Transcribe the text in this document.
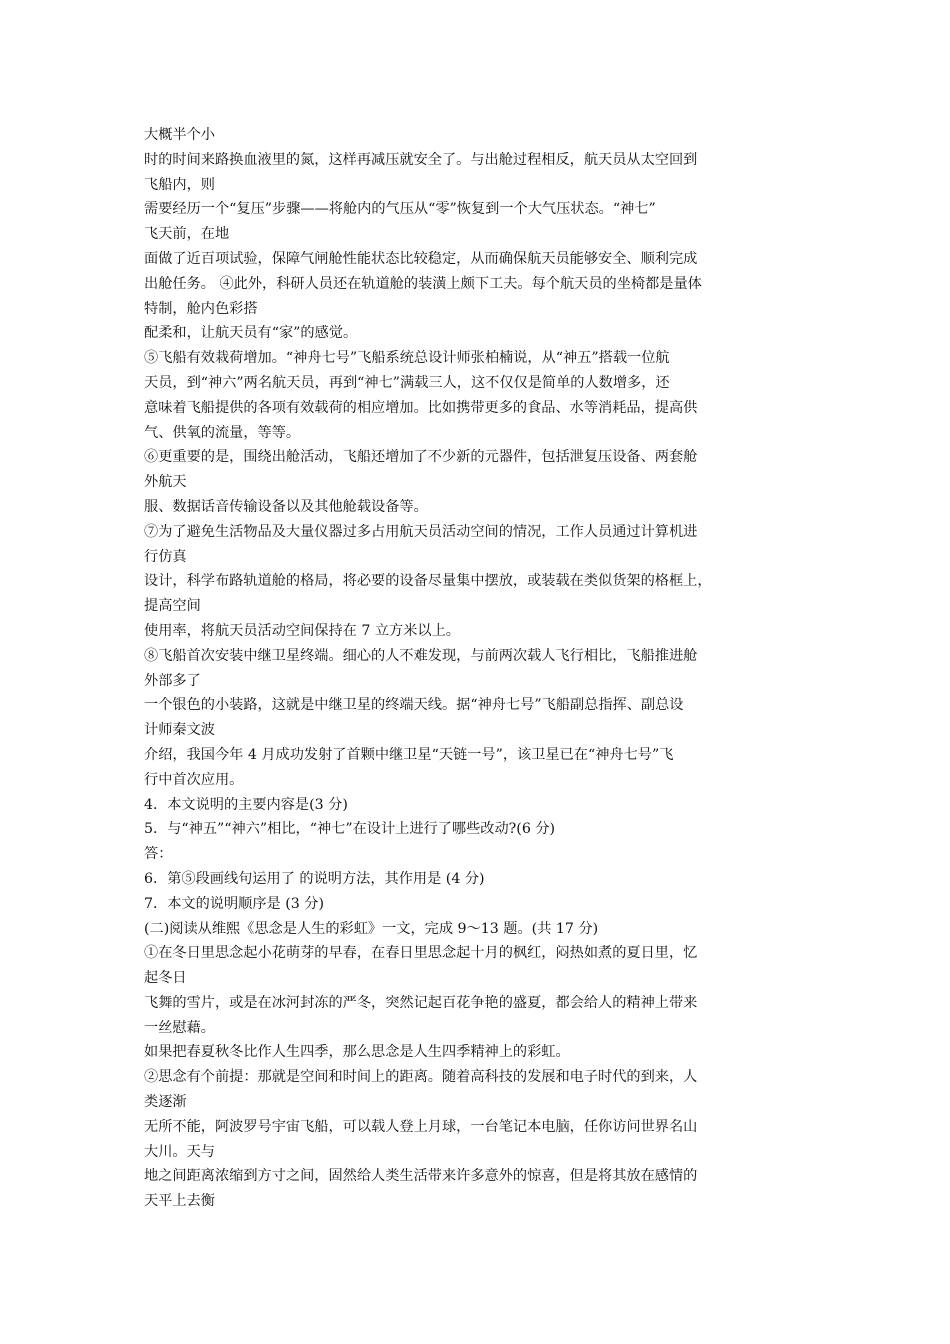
大概半个小
时的时间来路换血液里的氮，这样再减压就安全了。与出舱过程相反，航天员从太空回到
飞船内，则
需要经历一个“复压”步骤——将舱内的气压从“零”恢复到一个大气压状态。“神七”
飞天前，在地
面做了近百项试验，保障气闸舱性能状态比较稳定，从而确保航天员能够安全、顺利完成
出舱任务。 ④此外，科研人员还在轨道舱的装潢上颇下工夫。每个航天员的坐椅都是量体
特制，舱内色彩搭
配柔和，让航天员有“家”的感觉。
⑤飞船有效栽荷增加。“神舟七号”飞船系统总设计师张柏楠说，从“神五”搭载一位航
天员，到“神六”两名航天员，再到“神七”满载三人，这不仅仅是简单的人数增多，还
意味着飞船提供的各项有效载荷的相应增加。比如携带更多的食品、水等消耗品，提高供
气、供氧的流量，等等。
⑥更重要的是，围绕出舱活动，飞船还增加了不少新的元器件，包括泄复压设备、两套舱
外航天
服、数据话音传输设备以及其他舱载设备等。
⑦为了避免生活物品及大量仪器过多占用航天员活动空间的情况，工作人员通过计算机进
行仿真
设计，科学布路轨道舱的格局，将必要的设备尽量集中摆放，或装载在类似货架的格框上，
提高空间
使用率，将航天员活动空间保持在 7 立方米以上。
⑧飞船首次安装中继卫星终端。细心的人不难发现，与前两次载人飞行相比，飞船推进舱
外部多了
一个银色的小装路，这就是中继卫星的终端天线。据“神舟七号”飞船副总指挥、副总设
计师秦文波
介绍，我国今年 4 月成功发射了首颗中继卫星“天链一号”，该卫星已在“神舟七号”飞
行中首次应用。
4．本文说明的主要内容是(3 分)
5．与“神五”“神六”相比，“神七”在设计上进行了哪些改动?(6 分)
答：
6．第⑤段画线句运用了 的说明方法，其作用是 (4 分)
7．本文的说明顺序是 (3 分)
(二)阅读从维熙《思念是人生的彩虹》一文，完成 9～13 题。(共 17 分)
①在冬日里思念起小花萌芽的早春，在春日里思念起十月的枫红，闷热如煮的夏日里，忆
起冬日
飞舞的雪片，或是在冰河封冻的严冬，突然记起百花争艳的盛夏，都会给人的精神上带来
一丝慰藉。
如果把春夏秋冬比作人生四季，那么思念是人生四季精神上的彩虹。
②思念有个前提：那就是空间和时间上的距离。随着高科技的发展和电子时代的到来，人
类逐渐
无所不能，阿波罗号宇宙飞船，可以载人登上月球，一台笔记本电脑，任你访问世界名山
大川。天与
地之间距离浓缩到方寸之间，固然给人类生活带来许多意外的惊喜，但是将其放在感情的
天平上去衡
